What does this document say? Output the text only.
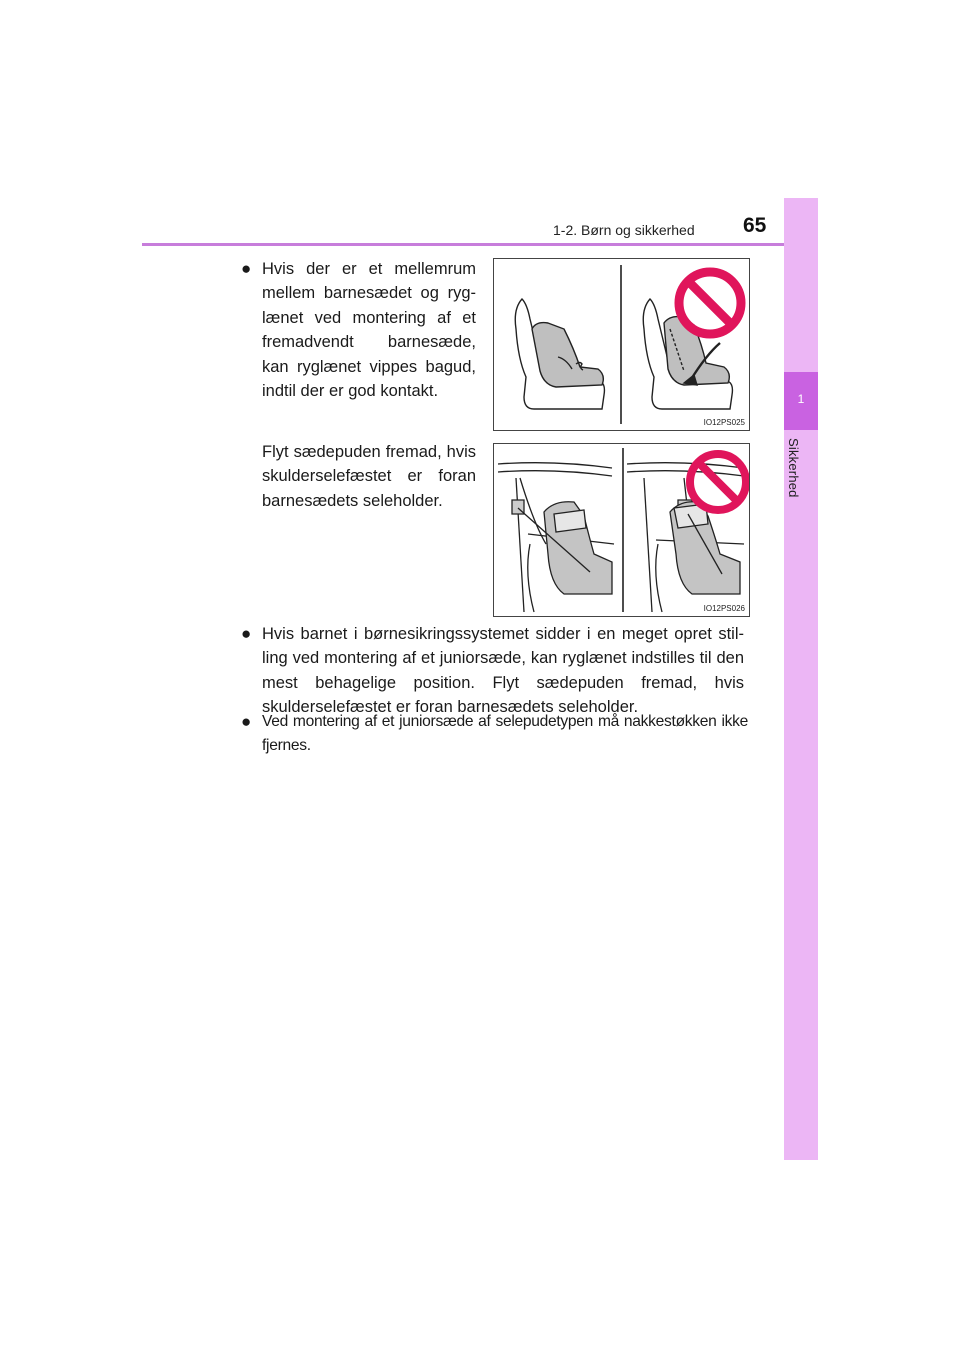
1-2. Børn og sikkerhed 65
1
Sikkerhed
● Hvis der er et mellemrum mellem barnesædet og ryglænet ved montering af et fremadvendt barnesæde, kan ryglænet vippes bagud, indtil der er god kontakt.
Flyt sædepuden fremad, hvis skulderselefæstet er foran barnesædets seleholder.
IO12PS025
IO12PS026
● Hvis barnet i børnesikringssystemet sidder i en meget opret stilling ved montering af et juniorsæde, kan ryglænet indstilles til den mest behagelige position. Flyt sædepuden fremad, hvis skulderselefæstet er foran barnesædets seleholder.
● Ved montering af et juniorsæde af selepudetypen må nakkestøkken ikke fjernes.
